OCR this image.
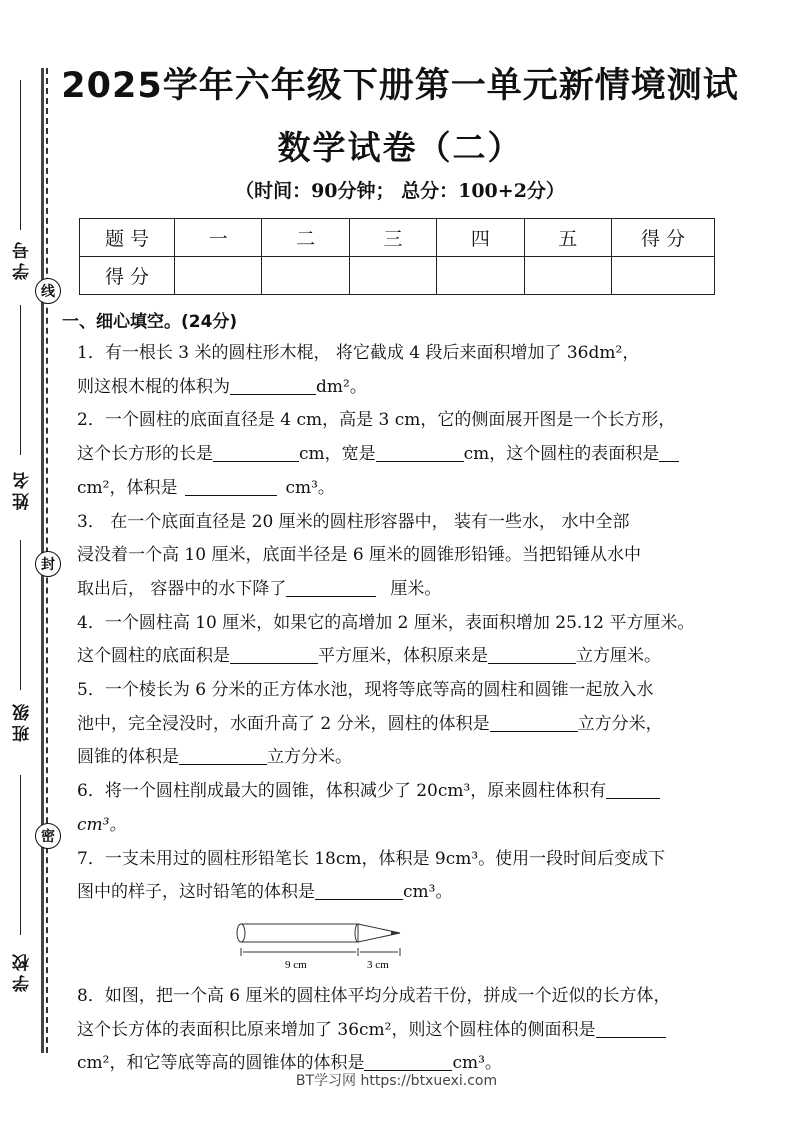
学号
姓名
班级
学校
线
封
密
2025学年六年级下册第一单元新情境测试
数学试卷（二）
（时间：90分钟； 总分：100+2分）
题 号	一	二	三	四	五	得 分
得 分						
一、细心填空。(24分)

1．有一根长 3 米的圆柱形木棍， 将它截成 4 段后来面积增加了 36dm²，

则这根木棍的体积为	dm²。

2．一个圆柱的底面直径是 4 cm，高是 3 cm，它的侧面展开图是一个长方形，

这个长方形的长是	cm，宽是	cm，这个圆柱的表面积是

cm²，体积是	cm³。

3． 在一个底面直径是 20 厘米的圆柱形容器中， 装有一些水， 水中全部

浸没着一个高 10 厘米，底面半径是 6 厘米的圆锥形铅锤。当把铅锤从水中

取出后， 容器中的水下降了	厘米。

4．一个圆柱高 10 厘米，如果它的高增加 2 厘米，表面积增加 25.12 平方厘米。

这个圆柱的底面积是	平方厘米，体积原来是	立方厘米。

5．一个棱长为 6 分米的正方体水池，现将等底等高的圆柱和圆锥一起放入水

池中，完全浸没时，水面升高了 2 分米，圆柱的体积是	立方分米，

圆锥的体积是	立方分米。

6．将一个圆柱削成最大的圆锥，体积减少了 20cm³，原来圆柱体积有

cm³。

7．一支未用过的圆柱形铅笔长 18cm，体积是 9cm³。使用一段时间后变成下

图中的样子，这时铅笔的体积是	cm³。

9 cm	3 cm

8．如图，把一个高 6 厘米的圆柱体平均分成若干份，拼成一个近似的长方体，

这个长方体的表面积比原来增加了 36cm²，则这个圆柱体的侧面积是

cm²，和它等底等高的圆锥体的体积是	cm³。

BT学习网 https://btxuexi.com
